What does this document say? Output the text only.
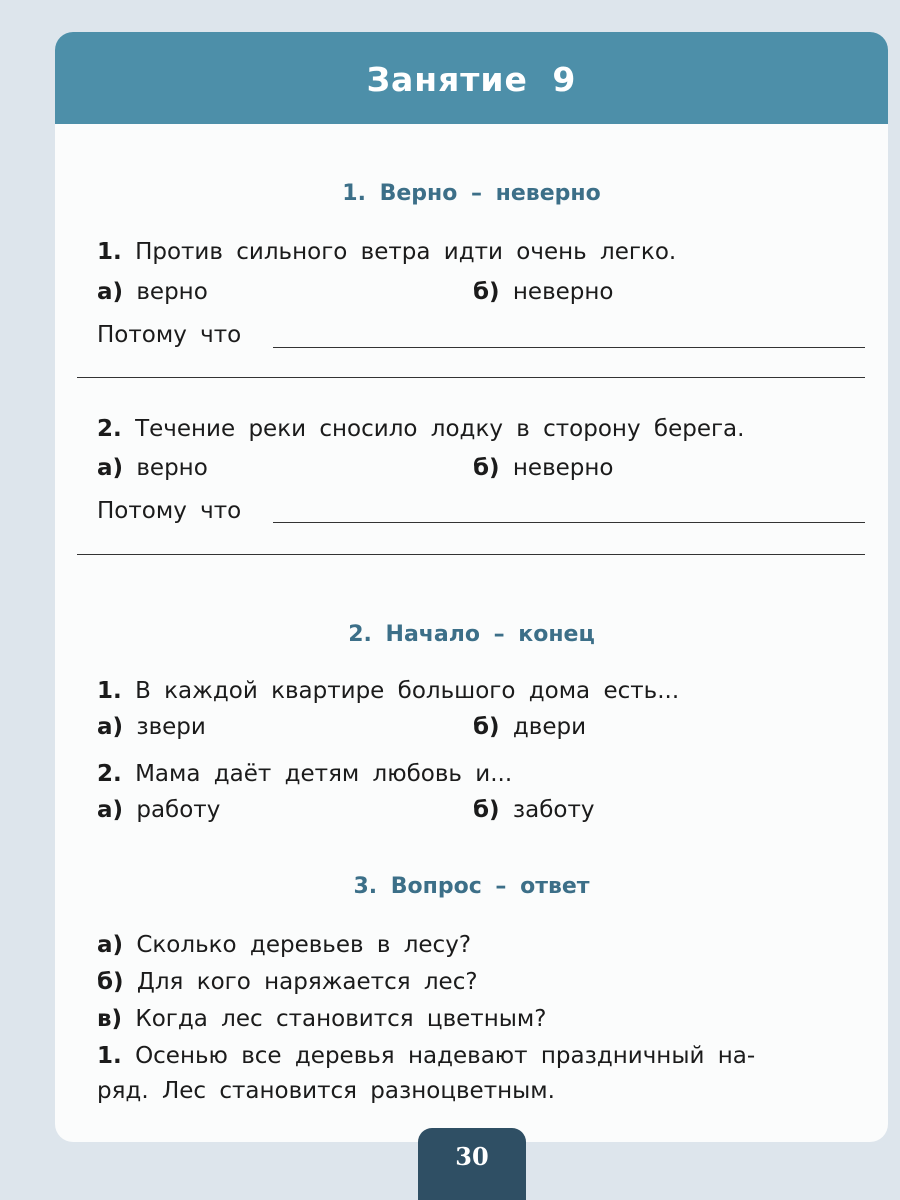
Занятие 9
1. Верно – неверно
1. Против сильного ветра идти очень легко.
а) верно	б) неверно
Потому что
2. Течение реки сносило лодку в сторону берега.
а) верно	б) неверно
Потому что
2. Начало – конец
1. В каждой квартире большого дома есть...
а) звери	б) двери
2. Мама даёт детям любовь и...
а) работу	б) заботу
3. Вопрос – ответ
а) Сколько деревьев в лесу?
б) Для кого наряжается лес?
в) Когда лес становится цветным?
1. Осенью все деревья надевают праздничный на-
ряд. Лес становится разноцветным.
30
